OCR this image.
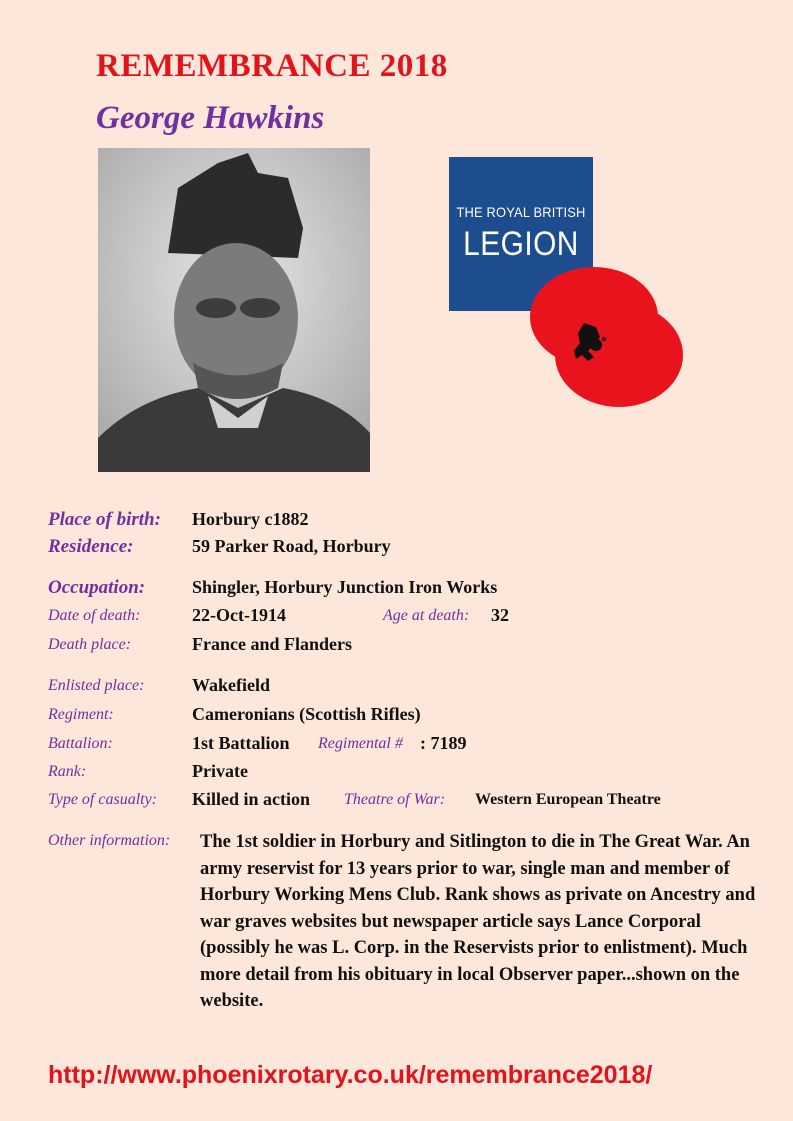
REMEMBRANCE 2018
George Hawkins
THE ROYAL BRITISH
LEGION
Place of birth: Horbury c1882
Residence:	59 Parker Road, Horbury
Occupation:	Shingler, Horbury Junction Iron Works
Date of death:	22-Oct-1914	Age at death: 32
Death place:	France and Flanders
Enlisted place:	Wakefield
Regiment:	Cameronians (Scottish Rifles)
Battalion:	1st Battalion Regimental # : 7189
Rank:	Private
Type of casualty: Killed in action Theatre of War: Western European Theatre
Other information: The 1st soldier in Horbury and Sitlington to die in The Great War. An army reservist for 13 years prior to war, single man and member of Horbury Working Mens Club. Rank shows as private on Ancestry and war graves websites but newspaper article says Lance Corporal (possibly he was L. Corp. in the Reservists prior to enlistment). Much more detail from his obituary in local Observer paper...shown on the website.
http://www.phoenixrotary.co.uk/remembrance2018/
